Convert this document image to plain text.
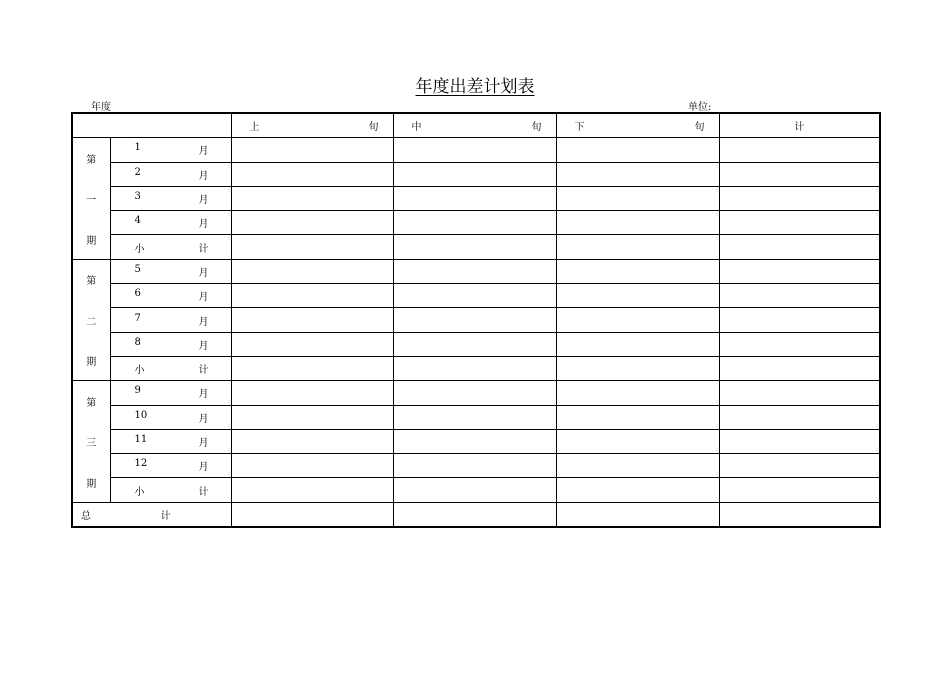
年度出差计划表
年度	单位:

		上 旬	中 旬	下 旬	计

第
一
期	1 月				

	2 月				

	3 月				

	4 月				

	小 计				

第
二
期	5 月				

	6 月				

	7 月				

	8 月				

	小 计				

第
三
期	9 月				

	10 月				

	11 月				

	12 月				

	小 计				

总 计					
